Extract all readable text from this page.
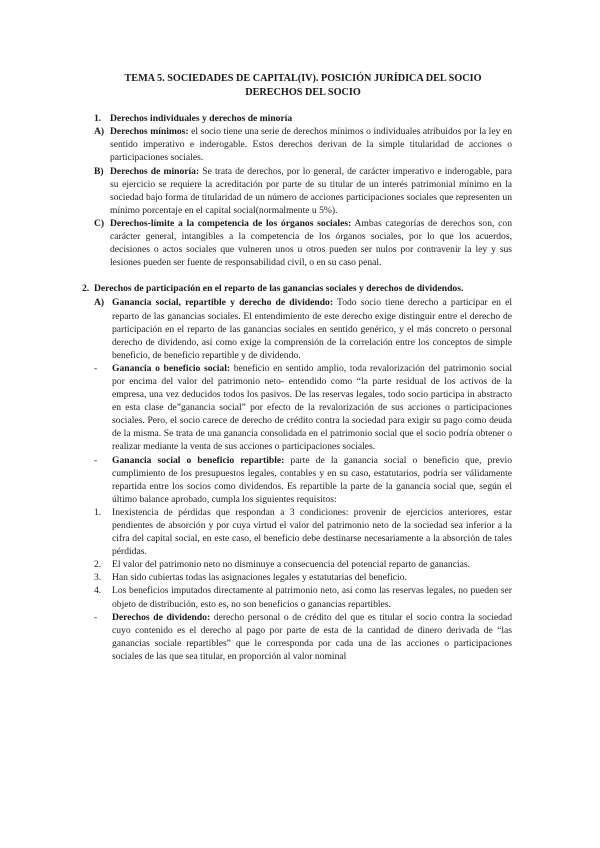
TEMA 5. SOCIEDADES DE CAPITAL(IV). POSICIÓN JURÍDICA DEL SOCIO
DERECHOS DEL SOCIO
1. Derechos individuales y derechos de minoría
A) Derechos mínimos: el socio tiene una serie de derechos mínimos o individuales atribuidos por la ley en sentido imperativo e inderogable. Estos derechos derivan de la simple titularidad de acciones o participaciones sociales.
B) Derechos de minoría: Se trata de derechos, por lo general, de carácter imperativo e inderogable, para su ejercicio se requiere la acreditación por parte de su titular de un interés patrimonial mínimo en la sociedad bajo forma de titularidad de un número de acciones participaciones sociales que representen un mínimo porcentaje en el capital social(normalmente u 5%).
C) Derechos-límite a la competencia de los órganos sociales: Ambas categorías de derechos son, con carácter general, intangibles a la competencia de los órganos sociales, por lo que los acuerdos, decisiones o actos sociales que vulneren unos u otros pueden ser nulos por contravenir la ley y sus lesiones pueden ser fuente de responsabilidad civil, o en su caso penal.
2. Derechos de participación en el reparto de las ganancias sociales y derechos de dividendos.
A) Ganancia social, repartible y derecho de dividendo: Todo socio tiene derecho a participar en el reparto de las ganancias sociales. El entendimiento de este derecho exige distinguir entre el derecho de participación en el reparto de las ganancias sociales en sentido genérico, y el más concreto o personal derecho de dividendo, así como exige la comprensión de la correlación entre los conceptos de simple beneficio, de beneficio repartible y de dividendo.
-	Ganancia o beneficio social: beneficio en sentido amplio, toda revalorización del patrimonio social por encima del valor del patrimonio neto- entendido como “la parte residual de los activos de la empresa, una vez deducidos todos los pasivos. De las reservas legales, todo socio participa in abstracto en esta clase de”ganancia social” por efecto de la revalorización de sus acciones o participaciones sociales. Pero, el socio carece de derecho de crédito contra la sociedad para exigir su pago como deuda de la misma. Se trata de una ganancia consolidada en el patrimonio social que el socio podría obtener o realizar mediante la venta de sus acciones o participaciones sociales.
-	Ganancia social o beneficio repartible: parte de la ganancia social o beneficio que, previo cumplimiento de los presupuestos legales, contables y en su caso, estatutarios, podría ser válidamente repartida entre los socios como dividendos. Es repartible la parte de la ganancia social que, según el último balance aprobado, cumpla los siguientes requisitos:
1.	Inexistencia de pérdidas que respondan a 3 condiciones: provenir de ejercicios anteriores, estar pendientes de absorción y por cuya virtud el valor del patrimonio neto de la sociedad sea inferior a la cifra del capital social, en este caso, el beneficio debe destinarse necesariamente a la absorción de tales pérdidas.
2.	El valor del patrimonio neto no disminuye a consecuencia del potencial reparto de ganancias.
3.	Han sido cubiertas todas las asignaciones legales y estatutarias del beneficio.
4.	Los beneficios imputados directamente al patrimonio neto, así como las reservas legales, no pueden ser objeto de distribución, esto es, no son beneficios o ganancias repartibles.
-	Derechos de dividendo: derecho personal o de crédito del que es titular el socio contra la sociedad cuyo contenido es el derecho al pago por parte de esta de la cantidad de dinero derivada de “las ganancias sociale repartibles” que le corresponda por cada una de las acciones o participaciones sociales de las que sea titular, en proporción al valor nominal
